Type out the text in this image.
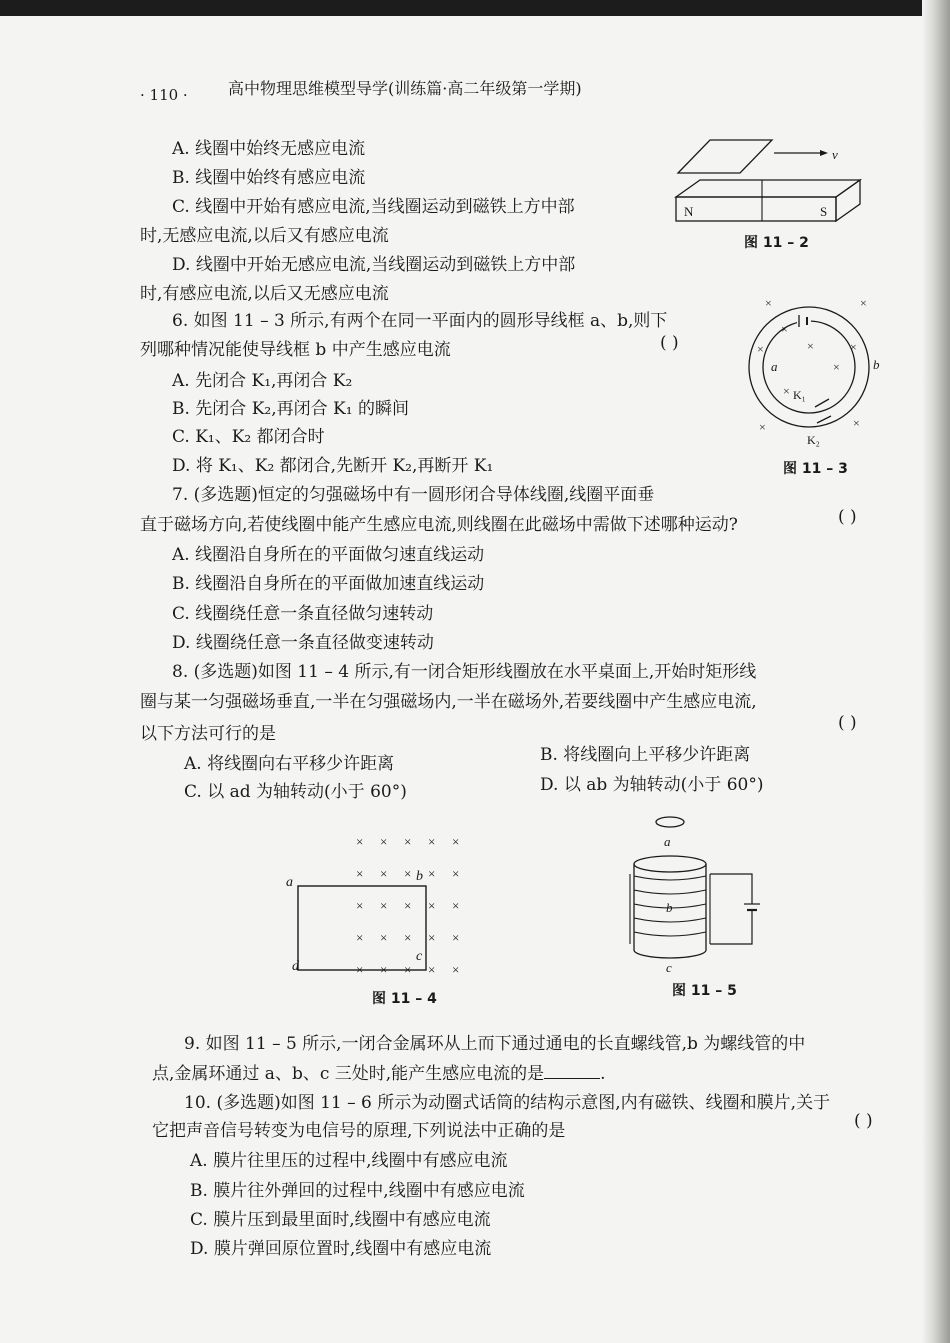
· 110 ·	高中物理思维模型导学(训练篇·高二年级第一学期)
A. 线圈中始终无感应电流
B. 线圈中始终有感应电流
C. 线圈中开始有感应电流,当线圈运动到磁铁上方中部
时,无感应电流,以后又有感应电流
D. 线圈中开始无感应电流,当线圈运动到磁铁上方中部
时,有感应电流,以后又无感应电流
v
N	S
图 11 – 2
6. 如图 11 – 3 所示,有两个在同一平面内的圆形导线框 a、b,则下
列哪种情况能使导线框 b 中产生感应电流	( )
A. 先闭合 K₁,再闭合 K₂
B. 先闭合 K₂,再闭合 K₁ 的瞬间
C. K₁、K₂ 都闭合时
D. 将 K₁、K₂ 都闭合,先断开 K₂,再断开 K₁
×	×
×
×
×	×
×
×
×	×
a	b
K₁
K₂
图 11 – 3
7. (多选题)恒定的匀强磁场中有一圆形闭合导体线圈,线圈平面垂
直于磁场方向,若使线圈中能产生感应电流,则线圈在此磁场中需做下述哪种运动?	( )
A. 线圈沿自身所在的平面做匀速直线运动
B. 线圈沿自身所在的平面做加速直线运动
C. 线圈绕任意一条直径做匀速转动
D. 线圈绕任意一条直径做变速转动
8. (多选题)如图 11 – 4 所示,有一闭合矩形线圈放在水平桌面上,开始时矩形线
圈与某一匀强磁场垂直,一半在匀强磁场内,一半在磁场外,若要线圈中产生感应电流,
( )
以下方法可行的是
A. 将线圈向右平移少许距离	B. 将线圈向上平移少许距离
C. 以 ad 为轴转动(小于 60°)	D. 以 ab 为轴转动(小于 60°)
× × × × ×
× × × × ×
× × × × ×
× × × × ×
× × × × ×
a	b
c
d
图 11 – 4
a
b
c
图 11 – 5
9. 如图 11 – 5 所示,一闭合金属环从上而下通过通电的长直螺线管,b 为螺线管的中
点,金属环通过 a、b、c 三处时,能产生感应电流的是	.
10. (多选题)如图 11 – 6 所示为动圈式话筒的结构示意图,内有磁铁、线圈和膜片,关于
它把声音信号转变为电信号的原理,下列说法中正确的是	( )
A. 膜片往里压的过程中,线圈中有感应电流
B. 膜片往外弹回的过程中,线圈中有感应电流
C. 膜片压到最里面时,线圈中有感应电流
D. 膜片弹回原位置时,线圈中有感应电流
